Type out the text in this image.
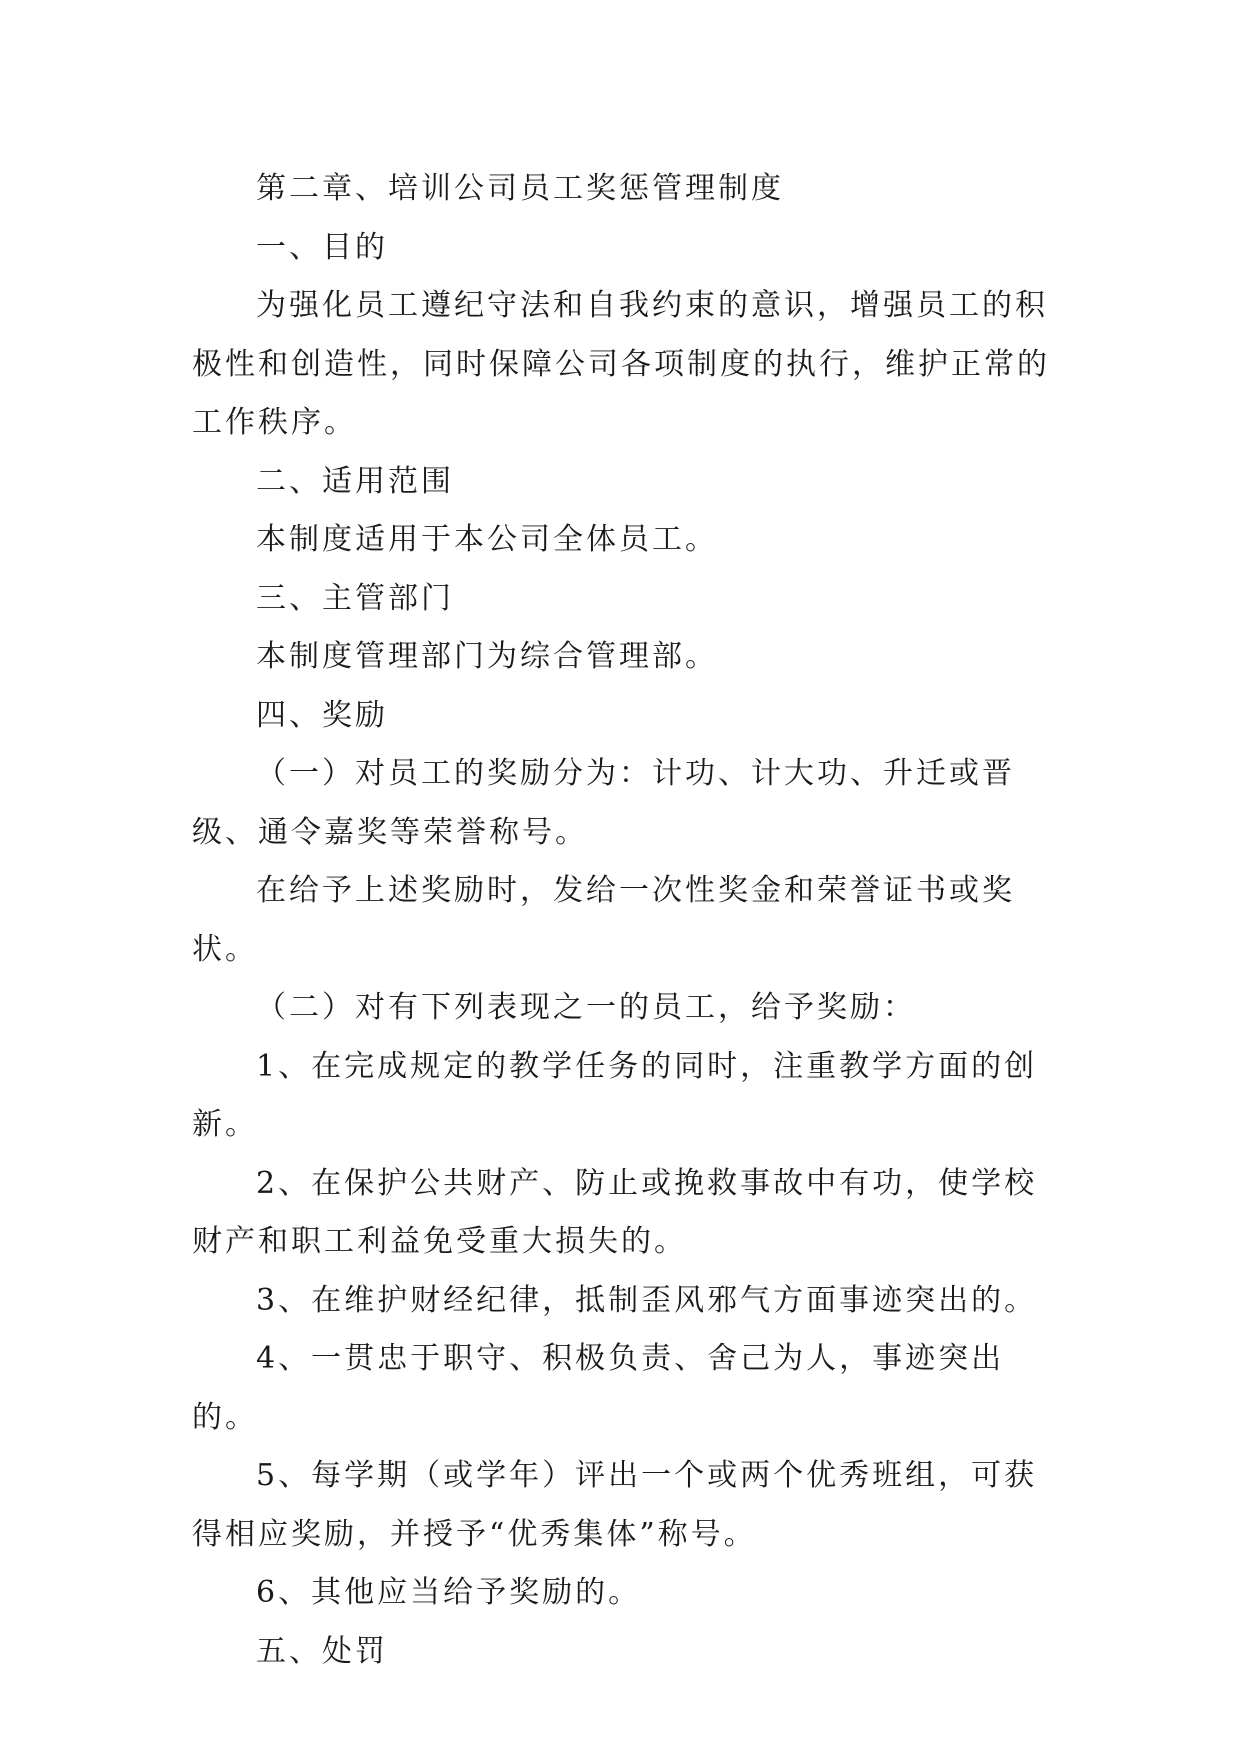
第二章、培训公司员工奖惩管理制度

一、目的

为强化员工遵纪守法和自我约束的意识，增强员工的积极性和创造性，同时保障公司各项制度的执行，维护正常的工作秩序。

二、适用范围

本制度适用于本公司全体员工。

三、主管部门

本制度管理部门为综合管理部。

四、奖励

（一）对员工的奖励分为：计功、计大功、升迁或晋级、通令嘉奖等荣誉称号。

在给予上述奖励时，发给一次性奖金和荣誉证书或奖状。

（二）对有下列表现之一的员工，给予奖励：

1、在完成规定的教学任务的同时，注重教学方面的创新。

2、在保护公共财产、防止或挽救事故中有功，使学校财产和职工利益免受重大损失的。

3、在维护财经纪律，抵制歪风邪气方面事迹突出的。

4、一贯忠于职守、积极负责、舍己为人，事迹突出的。

5、每学期（或学年）评出一个或两个优秀班组，可获得相应奖励，并授予“优秀集体”称号。

6、其他应当给予奖励的。

五、处罚
